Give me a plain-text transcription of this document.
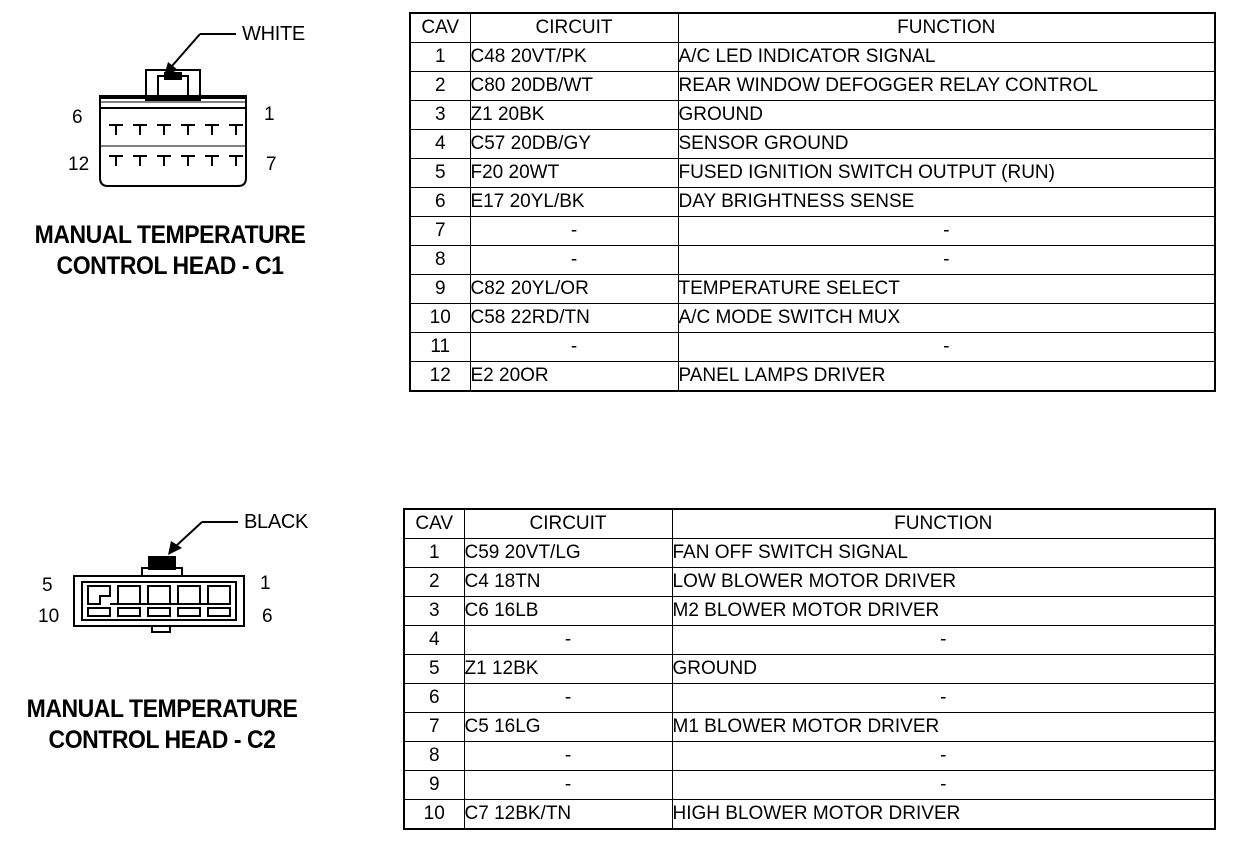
WHITE
6	1
12	7
MANUAL TEMPERATURE
CONTROL HEAD - C1
CAV	CIRCUIT	FUNCTION
1	C48 20VT/PK	A/C LED INDICATOR SIGNAL
2	C80 20DB/WT	REAR WINDOW DEFOGGER RELAY CONTROL
3	Z1 20BK	GROUND
4	C57 20DB/GY	SENSOR GROUND
5	F20 20WT	FUSED IGNITION SWITCH OUTPUT (RUN)
6	E17 20YL/BK	DAY BRIGHTNESS SENSE
7	-	-
8	-	-
9	C82 20YL/OR	TEMPERATURE SELECT
10	C58 22RD/TN	A/C MODE SWITCH MUX
11	-	-
12	E2 20OR	PANEL LAMPS DRIVER
BLACK
5	1
10	6
MANUAL TEMPERATURE
CONTROL HEAD - C2
CAV	CIRCUIT	FUNCTION
1	C59 20VT/LG	FAN OFF SWITCH SIGNAL
2	C4 18TN	LOW BLOWER MOTOR DRIVER
3	C6 16LB	M2 BLOWER MOTOR DRIVER
4	-	-
5	Z1 12BK	GROUND
6	-	-
7	C5 16LG	M1 BLOWER MOTOR DRIVER
8	-	-
9	-	-
10	C7 12BK/TN	HIGH BLOWER MOTOR DRIVER
